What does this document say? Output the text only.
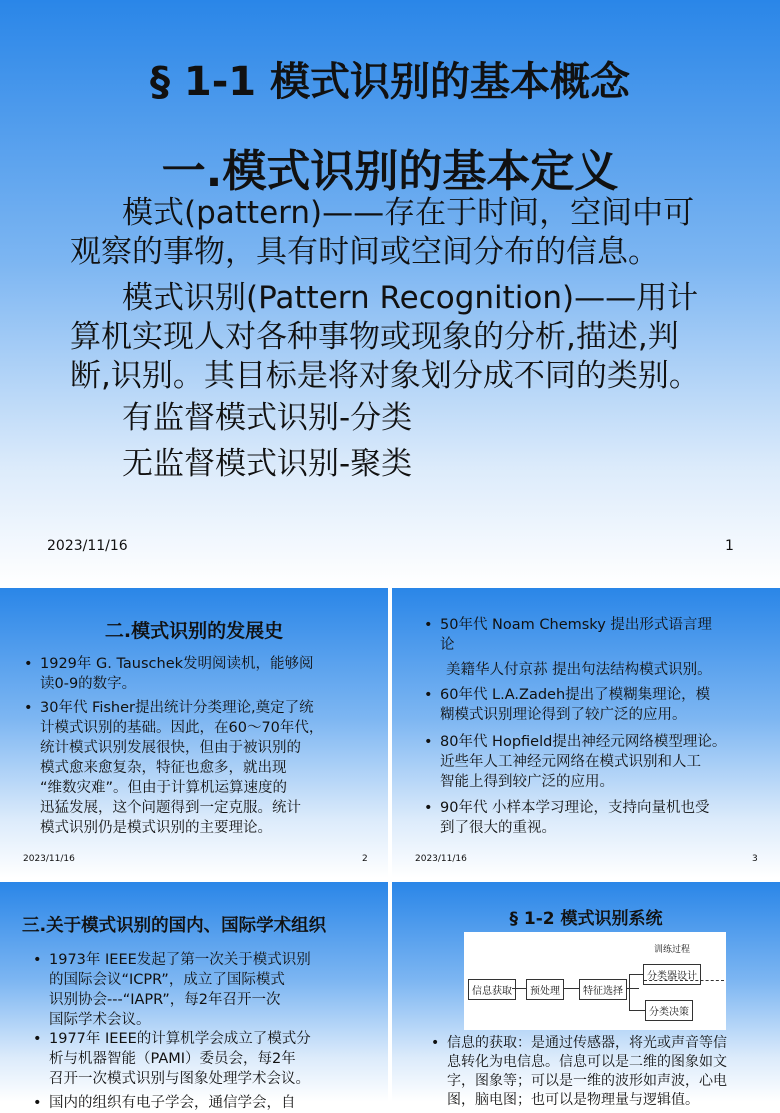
§ 1-1 模式识别的基本概念
一.模式识别的基本定义
模式(pattern)——存在于时间，空间中可
观察的事物，具有时间或空间分布的信息。
模式识别(Pattern Recognition)——用计
算机实现人对各种事物或现象的分析,描述,判
断,识别。其目标是将对象划分成不同的类别。
有监督模式识别-分类
无监督模式识别-聚类
2023/11/16	1
二.模式识别的发展史
• 1929年 G. Tauschek发明阅读机，能够阅
读0-9的数字。
• 30年代 Fisher提出统计分类理论,奠定了统
计模式识别的基础。因此，在60～70年代，
统计模式识别发展很快，但由于被识别的
模式愈来愈复杂，特征也愈多，就出现
“维数灾难”。但由于计算机运算速度的
迅猛发展，这个问题得到一定克服。统计
模式识别仍是模式识别的主要理论。
2023/11/16	2
• 50年代 Noam Chemsky 提出形式语言理
论
美籍华人付京荪 提出句法结构模式识别。
• 60年代 L.A.Zadeh提出了模糊集理论，模
糊模式识别理论得到了较广泛的应用。
• 80年代 Hopfield提出神经元网络模型理论。
近些年人工神经元网络在模式识别和人工
智能上得到较广泛的应用。
• 90年代 小样本学习理论，支持向量机也受
到了很大的重视。
2023/11/16	3
三.关于模式识别的国内、国际学术组织
• 1973年 IEEE发起了第一次关于模式识别
的国际会议“ICPR”，成立了国际模式
识别协会---“IAPR”，每2年召开一次
国际学术会议。
• 1977年 IEEE的计算机学会成立了模式分
析与机器智能（PAMI）委员会，每2年
召开一次模式识别与图象处理学术会议。
• 国内的组织有电子学会，通信学会，自
§ 1-2 模式识别系统
训练过程
信息获取	预处理	特征选择
分类器设计
分类决策
• 信息的获取：是通过传感器，将光或声音等信
息转化为电信息。信息可以是二维的图象如文
字，图象等；可以是一维的波形如声波，心电
图，脑电图；也可以是物理量与逻辑值。
